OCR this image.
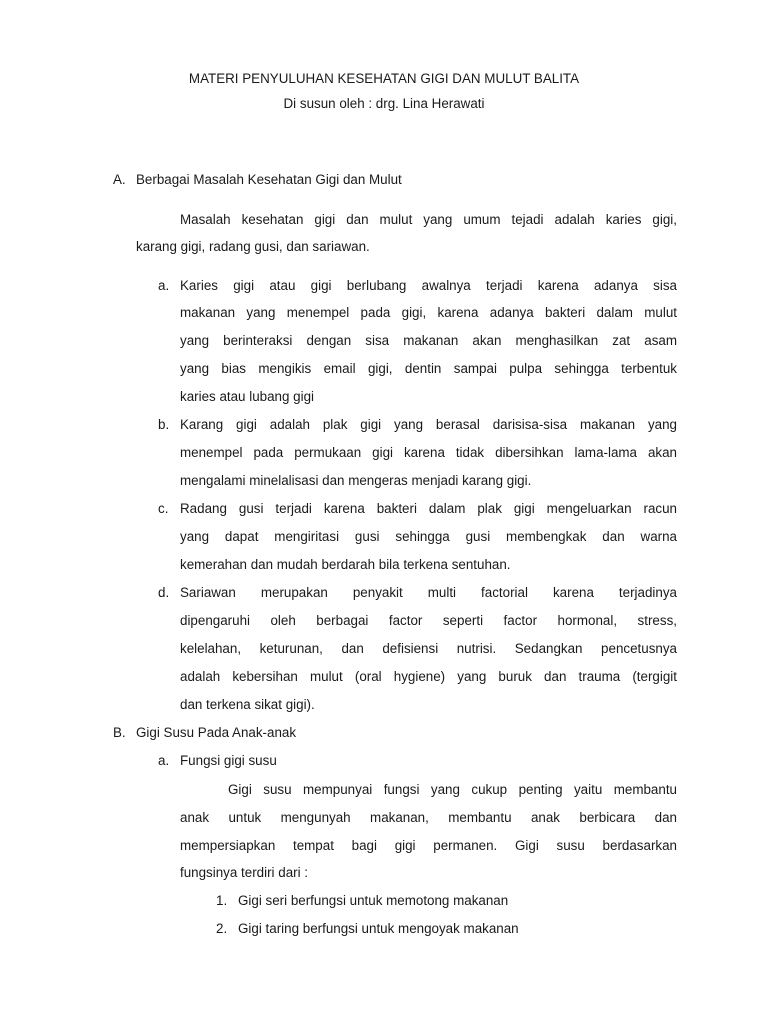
MATERI PENYULUHAN KESEHATAN GIGI DAN MULUT BALITA
Di susun oleh : drg. Lina Herawati
A. Berbagai Masalah Kesehatan Gigi dan Mulut
Masalah kesehatan gigi dan mulut yang umum tejadi adalah karies gigi,
karang gigi, radang gusi, dan sariawan.
a. Karies gigi atau gigi berlubang awalnya terjadi karena adanya sisa
makanan yang menempel pada gigi, karena adanya bakteri dalam mulut
yang berinteraksi dengan sisa makanan akan menghasilkan zat asam
yang bias mengikis email gigi, dentin sampai pulpa sehingga terbentuk
karies atau lubang gigi
b. Karang gigi adalah plak gigi yang berasal darisisa-sisa makanan yang
menempel pada permukaan gigi karena tidak dibersihkan lama-lama akan
mengalami minelalisasi dan mengeras menjadi karang gigi.
c. Radang gusi terjadi karena bakteri dalam plak gigi mengeluarkan racun
yang dapat mengiritasi gusi sehingga gusi membengkak dan warna
kemerahan dan mudah berdarah bila terkena sentuhan.
d. Sariawan merupakan penyakit multi factorial karena terjadinya
dipengaruhi oleh berbagai factor seperti factor hormonal, stress,
kelelahan, keturunan, dan defisiensi nutrisi. Sedangkan pencetusnya
adalah kebersihan mulut (oral hygiene) yang buruk dan trauma (tergigit
dan terkena sikat gigi).
B. Gigi Susu Pada Anak-anak
a. Fungsi gigi susu
Gigi susu mempunyai fungsi yang cukup penting yaitu membantu
anak untuk mengunyah makanan, membantu anak berbicara dan
mempersiapkan tempat bagi gigi permanen. Gigi susu berdasarkan
fungsinya terdiri dari :
1. Gigi seri berfungsi untuk memotong makanan
2. Gigi taring berfungsi untuk mengoyak makanan
